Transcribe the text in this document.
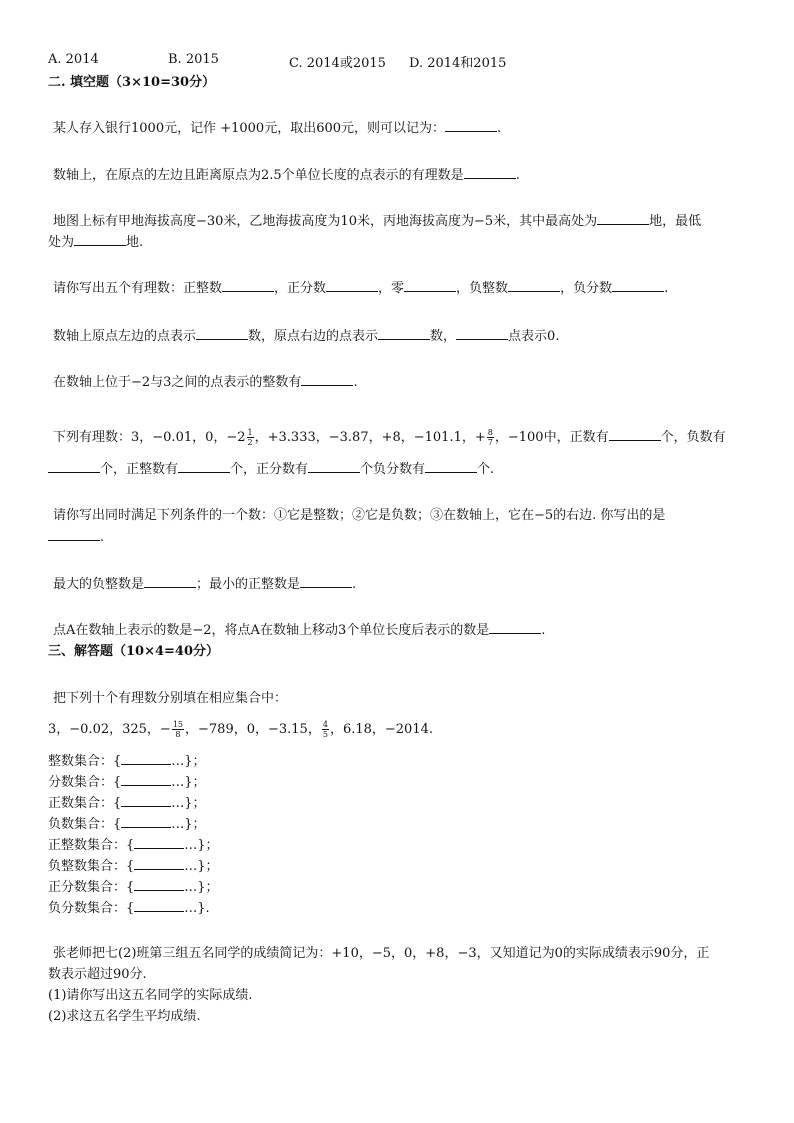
A. 2014	B. 2015	C. 2014或2015 D. 2014和2015
二. 填空题（3×10=30分）
某人存入银行1000元，记作 +1000元，取出600元，则可以记为：	.
数轴上，在原点的左边且距离原点为2.5个单位长度的点表示的有理数是	.
地图上标有甲地海拔高度−30米，乙地海拔高度为10米，丙地海拔高度为−5米，其中最高处为	地，最低
处为	地.
请你写出五个有理数：正整数	，正分数	，零	，负整数	，负分数	.
数轴上原点左边的点表示	数，原点右边的点表示	数，	点表示0.
在数轴上位于−2与3之间的点表示的整数有	.
下列有理数：3，−0.01，0，$-2 \frac{1}{2}$ ，+3.333，−3.87，+8，−101.1，+ $\frac{8}{7}$ ，−100中，正数有	个，负数有
个，正整数有	个，正分数有	个负分数有	个.
请你写出同时满足下列条件的一个数：①它是整数；②它是负数；③在数轴上，它在−5的右边. 你写出的是
.
最大的负整数是	；最小的正整数是	.
点A在数轴上表示的数是−2，将点A在数轴上移动3个单位长度后表示的数是	.
三、解答题（10×4=40分）
把下列十个有理数分别填在相应集合中：
3，−0.02，325，− $\frac{15}{8}$ ，−789，0，−3.15， $\frac{4}{5}$ ，6.18，−2014.
整数集合：{	…}；
分数集合：{	…}；
正数集合：{	…}；
负数集合：{	…}；
正整数集合：{	…}；
负整数集合：{	…}；
正分数集合：{	…}；
负分数集合：{	…}.
张老师把七(2)班第三组五名同学的成绩简记为：+10，−5，0，+8，−3，又知道记为0的实际成绩表示90分，正
数表示超过90分.
(1)请你写出这五名同学的实际成绩.
(2)求这五名学生平均成绩.
